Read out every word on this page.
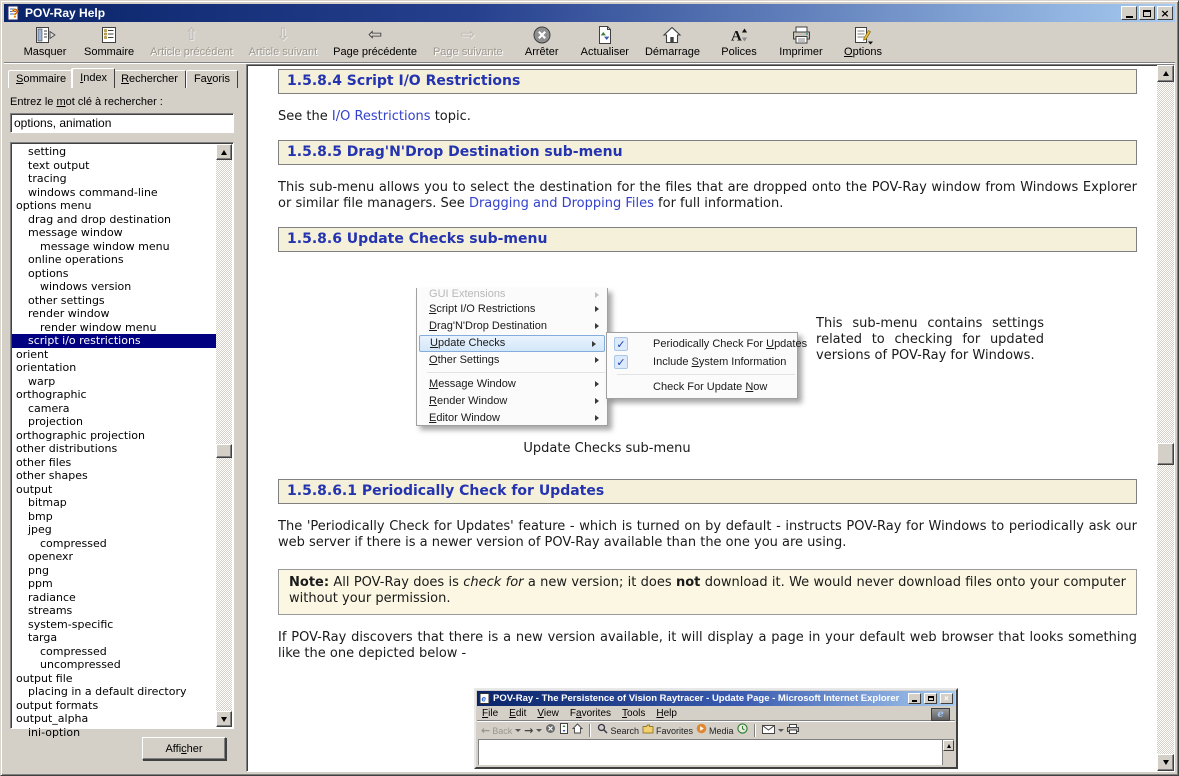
? POV-Ray Help	×
Masquer	Sommaire
⇧
Article précédent
⇩
Article suivant
⇦
Page précédente
⇨
Page suivante	Arrêter	Actualiser	Démarrage
A
Polices	Imprimer	Options
Sommaire	Index	Rechercher	Favoris
Entrez le mot clé à rechercher :
options, animation
setting
text output
tracing
windows command-line
options menu
drag and drop destination
message window
message window menu
online operations
options
windows version
other settings
render window
render window menu
script i/o restrictions
orient
orientation
warp
orthographic
camera
projection
orthographic projection
other distributions
other files
other shapes
output
bitmap
bmp
jpeg
compressed
openexr
png
ppm
radiance
streams
system-specific
targa
compressed
uncompressed
output file
placing in a default directory
output formats
output_alpha
ini-option
Afficher
1.5.8.4 Script I/O Restrictions

See the I/O Restrictions topic.

1.5.8.5 Drag'N'Drop Destination sub-menu

This sub-menu allows you to select the destination for the files that are dropped onto the POV-Ray window from Windows Explorer or similar file managers. See Dragging and Dropping Files for full information.

1.5.8.6 Update Checks sub-menu
GUI Extensions
Script I/O Restrictions
Drag'N'Drop Destination
Update Checks
Other Settings
Message Window
Render Window
Editor Window
✓ Periodically Check For Updates
✓ Include System Information
Check For Update Now
This sub-menu contains settings related to checking for updated versions of POV-Ray for Windows.
Update Checks sub-menu
1.5.8.6.1 Periodically Check for Updates

The 'Periodically Check for Updates' feature - which is turned on by default - instructs POV-Ray for Windows to periodically ask our web server if there is a newer version of POV-Ray available than the one you are using.

Note: All POV-Ray does is check for a new version; it does not download it. We would never download files onto your computer without your permission.

If POV-Ray discovers that there is a new version available, it will display a page in your default web browser that looks something like the one depicted below -

e POV-Ray - The Persistence of Vision Raytracer - Update Page - Microsoft Internet Explorer	×
File Edit View Favorites Tools Help	e
← Back →	Search Favorites Media
